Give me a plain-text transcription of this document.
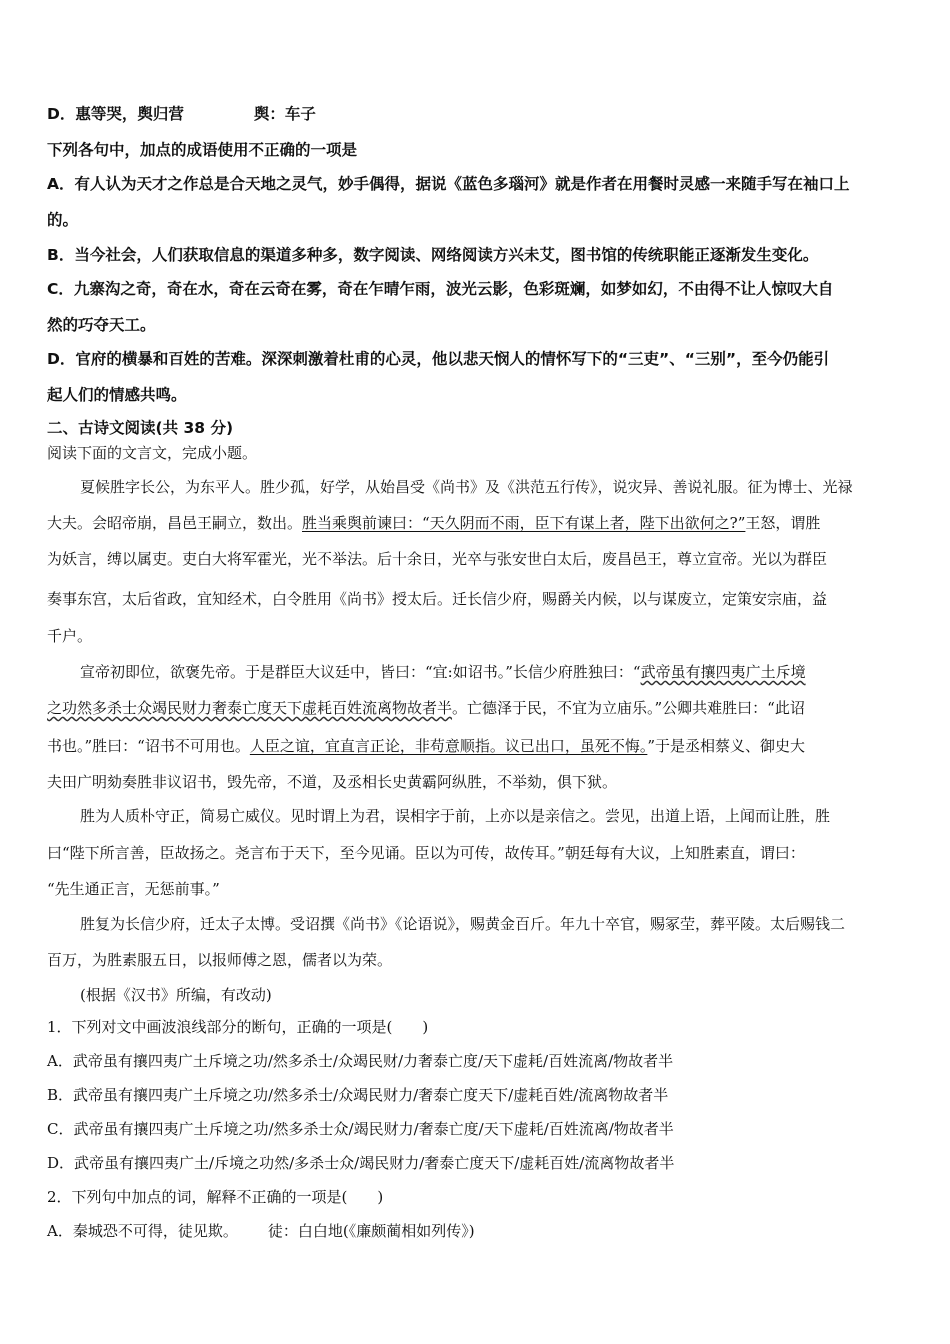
D．惠等哭，舆归营	舆：车子
下列各句中，加点的成语使用不正确的一项是
A．有人认为天才之作总是合天地之灵气，妙手偶得，据说《蓝色多瑙河》就是作者在用餐时灵感一来随手写在袖口上
的。
B．当今社会，人们获取信息的渠道多种多，数字阅读、网络阅读方兴未艾，图书馆的传统职能正逐渐发生变化。
C．九寨沟之奇，奇在水，奇在云奇在雾，奇在乍晴乍雨，波光云影，色彩斑斓，如梦如幻，不由得不让人惊叹大自
然的巧夺天工。
D．官府的横暴和百姓的苦难。深深刺激着杜甫的心灵，他以悲天悯人的情怀写下的“三吏”、“三别”，至今仍能引
起人们的情感共鸣。
二、古诗文阅读(共 38 分)
阅读下面的文言文，完成小题。
夏候胜字长公，为东平人。胜少孤，好学，从始昌受《尚书》及《洪范五行传》，说灾异、善说礼服。征为博士、光禄
大夫。会昭帝崩，昌邑王嗣立，数出。胜当乘舆前谏曰：“天久阴而不雨，臣下有谋上者，陛下出欲何之?”王怒，谓胜
为妖言，缚以属吏。吏白大将军霍光，光不举法。后十余日，光卒与张安世白太后，废昌邑王，尊立宣帝。光以为群臣
奏事东宫，太后省政，宜知经术，白令胜用《尚书》授太后。迁长信少府，赐爵关内候，以与谋废立，定策安宗庙，益
千户。
宣帝初即位，欲褒先帝。于是群臣大议廷中，皆曰：“宜:如诏书。”长信少府胜独曰：“武帝虽有攘四夷广土斥境
之功然多杀士众竭民财力奢泰亡度天下虚耗百姓流离物故者半。亡德泽于民，不宜为立庙乐。”公卿共难胜曰：“此诏
书也。”胜曰：“诏书不可用也。人臣之谊，宜直言正论，非苟意顺指。议已出口，虽死不悔。”于是丞相蔡义、御史大
夫田广明劾奏胜非议诏书，毁先帝，不道，及丞相长史黄霸阿纵胜，不举劾，俱下狱。
胜为人质朴守正，简易亡威仪。见时谓上为君，误相字于前，上亦以是亲信之。尝见，出道上语，上闻而让胜，胜
曰“陛下所言善，臣故扬之。尧言布于天下，至今见诵。臣以为可传，故传耳。”朝廷每有大议，上知胜素直，谓曰：
“先生通正言，无惩前事。”
胜复为长信少府，迁太子太博。受诏撰《尚书》《论语说》，赐黄金百斤。年九十卒官，赐冢茔，葬平陵。太后赐钱二
百万，为胜素服五日，以报师傅之恩，儒者以为荣。
(根据《汉书》所编，有改动)
1．下列对文中画波浪线部分的断句，正确的一项是(　　)
A．武帝虽有攘四夷广土斥境之功/然多杀士/众竭民财/力奢泰亡度/天下虚耗/百姓流离/物故者半
B．武帝虽有攘四夷广土斥境之功/然多杀士/众竭民财力/奢泰亡度天下/虚耗百姓/流离物故者半
C．武帝虽有攘四夷广土斥境之功/然多杀士众/竭民财力/奢泰亡度/天下虚耗/百姓流离/物故者半
D．武帝虽有攘四夷广土/斥境之功然/多杀士众/竭民财力/奢泰亡度天下/虚耗百姓/流离物故者半
2．下列句中加点的词，解释不正确的一项是(　　)
A．秦城恐不可得，徒见欺。 徒：白白地(《廉颇蔺相如列传》)
